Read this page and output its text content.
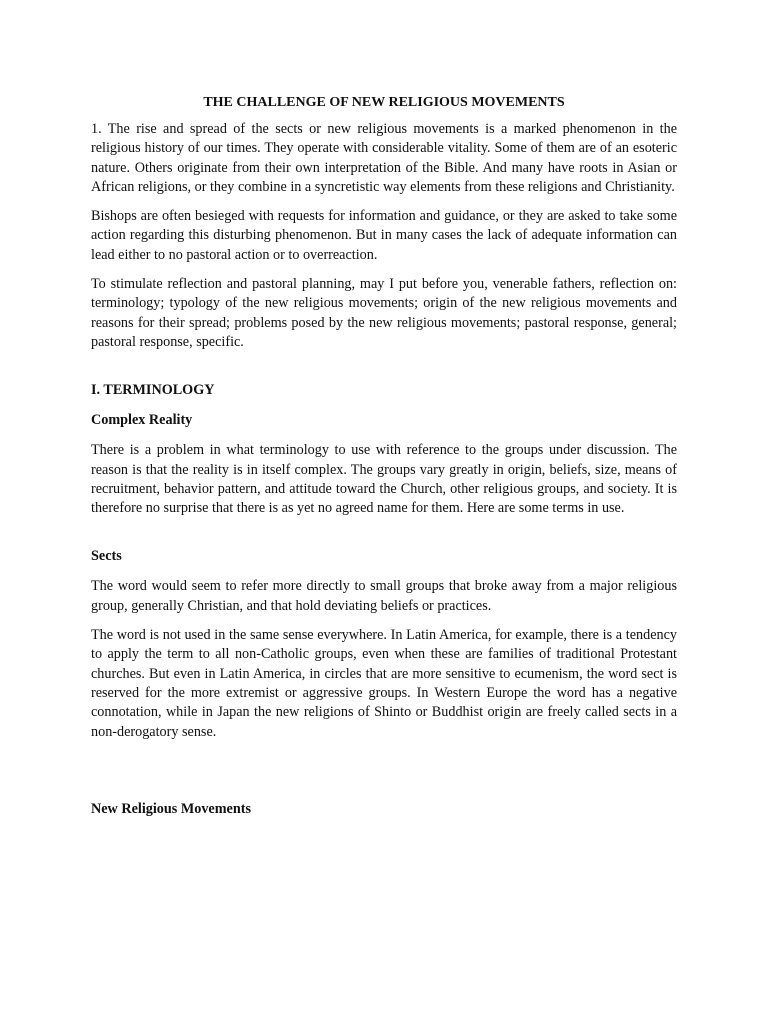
THE CHALLENGE OF NEW RELIGIOUS MOVEMENTS

1. The rise and spread of the sects or new religious movements is a marked phenomenon in the religious history of our times. They operate with considerable vitality. Some of them are of an esoteric nature. Others originate from their own interpretation of the Bible. And many have roots in Asian or African religions, or they combine in a syncretistic way elements from these religions and Christianity.

Bishops are often besieged with requests for information and guidance, or they are asked to take some action regarding this disturbing phenomenon. But in many cases the lack of adequate information can lead either to no pastoral action or to overreaction.

To stimulate reflection and pastoral planning, may I put before you, venerable fathers, reflection on: terminology; typology of the new religious movements; origin of the new religious movements and reasons for their spread; problems posed by the new religious movements; pastoral response, general; pastoral response, specific.

I. TERMINOLOGY
Complex Reality

There is a problem in what terminology to use with reference to the groups under discussion. The reason is that the reality is in itself complex. The groups vary greatly in origin, beliefs, size, means of recruitment, behavior pattern, and attitude toward the Church, other religious groups, and society. It is therefore no surprise that there is as yet no agreed name for them. Here are some terms in use.

Sects

The word would seem to refer more directly to small groups that broke away from a major religious group, generally Christian, and that hold deviating beliefs or practices.

The word is not used in the same sense everywhere. In Latin America, for example, there is a tendency to apply the term to all non-Catholic groups, even when these are families of traditional Protestant churches. But even in Latin America, in circles that are more sensitive to ecumenism, the word sect is reserved for the more extremist or aggressive groups. In Western Europe the word has a negative connotation, while in Japan the new religions of Shinto or Buddhist origin are freely called sects in a non-derogatory sense.

New Religious Movements
